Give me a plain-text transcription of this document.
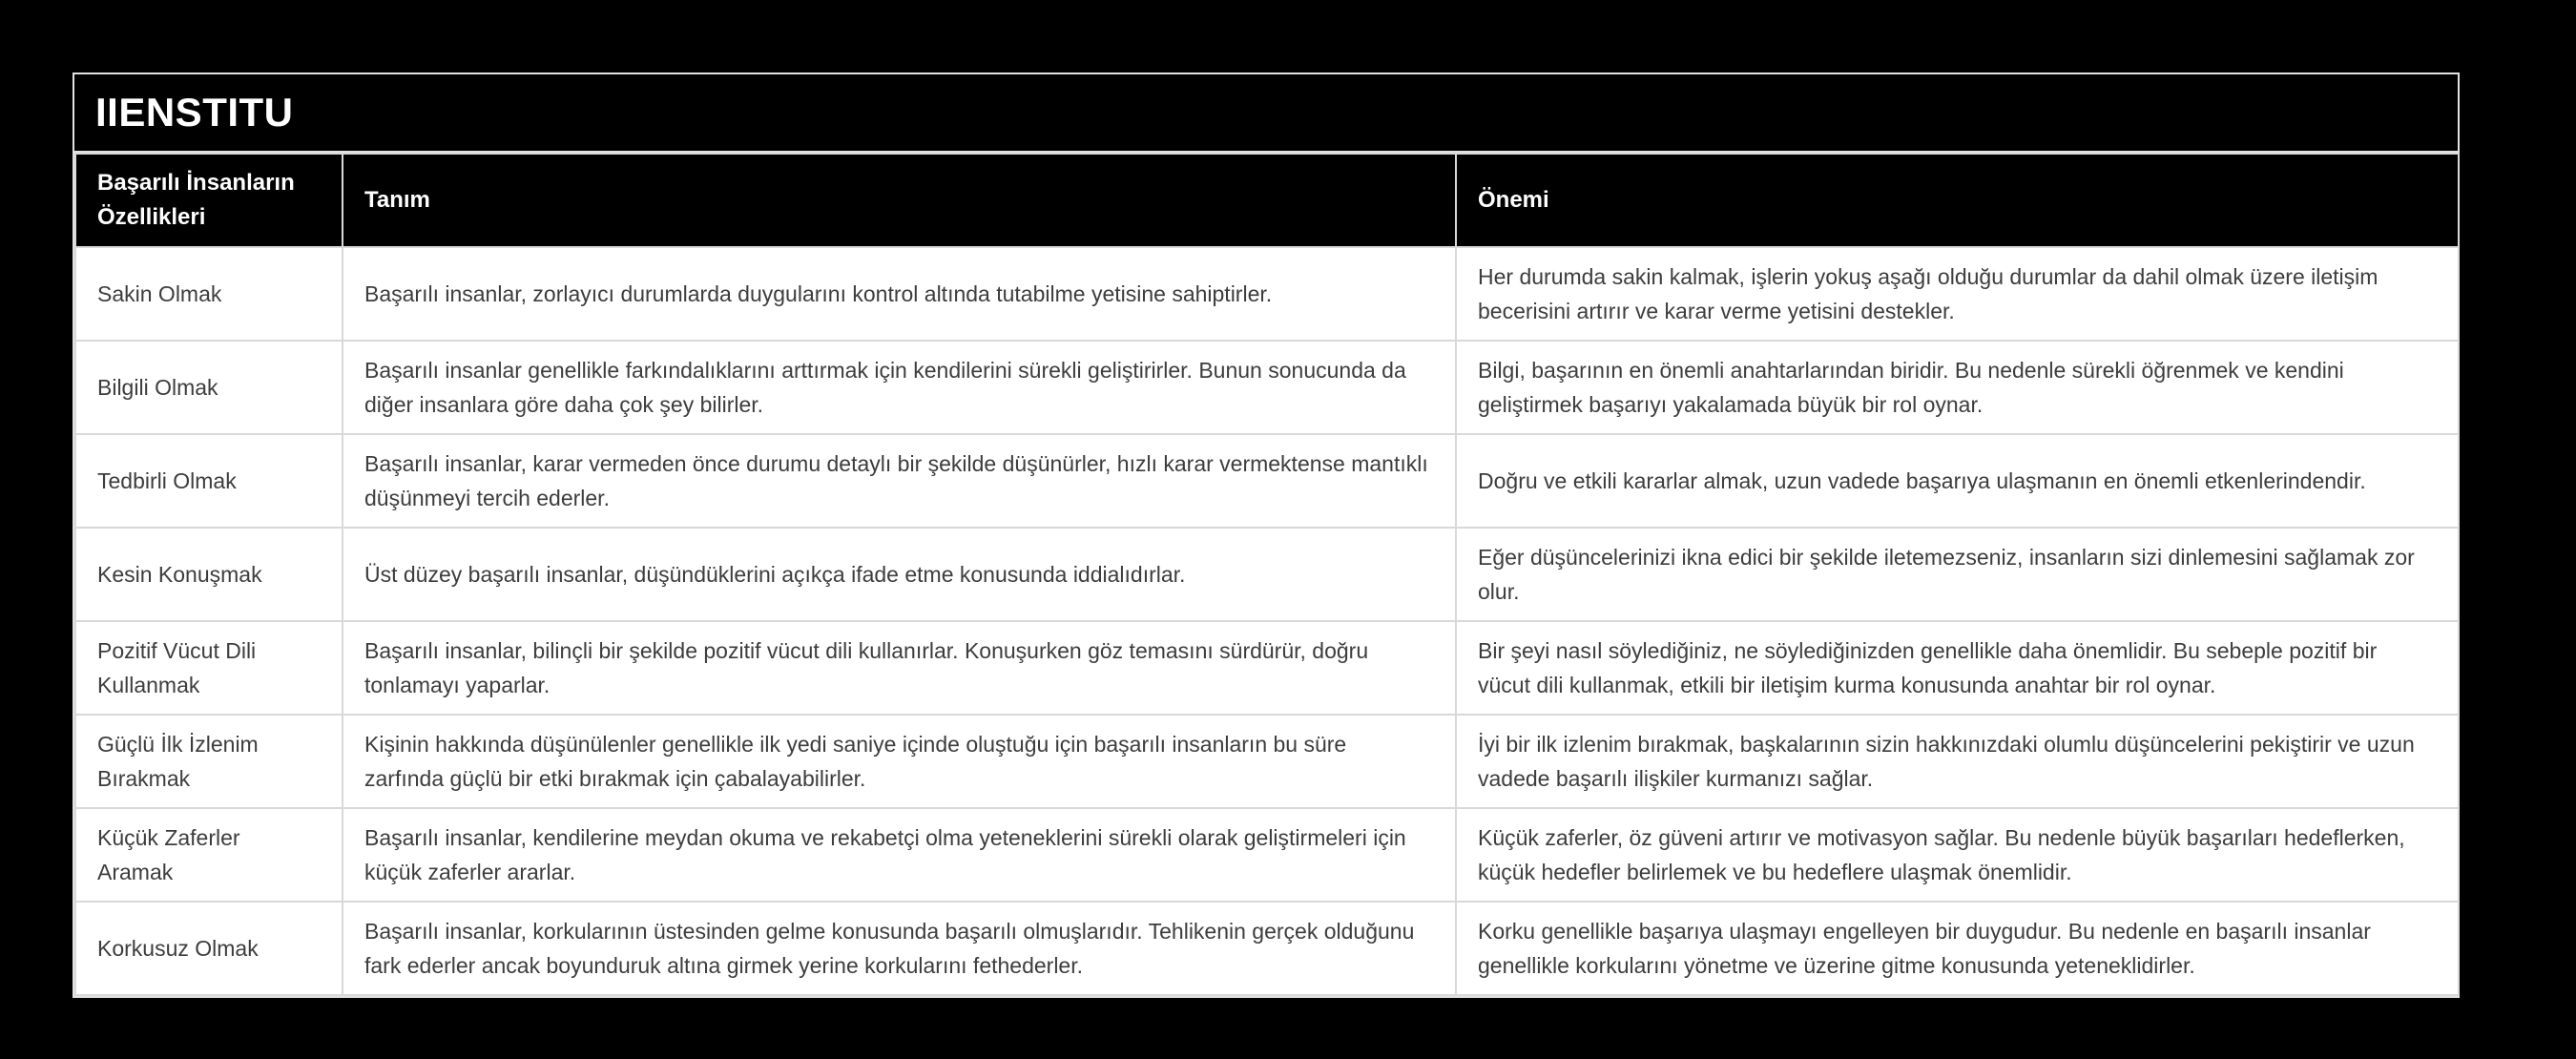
IIENSTITU
Başarılı İnsanların Özellikleri	Tanım	Önemi
Sakin Olmak	Başarılı insanlar, zorlayıcı durumlarda duygularını kontrol altında tutabilme yetisine sahiptirler.	Her durumda sakin kalmak, işlerin yokuş aşağı olduğu durumlar da dahil olmak üzere iletişim becerisini artırır ve karar verme yetisini destekler.
Bilgili Olmak	Başarılı insanlar genellikle farkındalıklarını arttırmak için kendilerini sürekli geliştirirler. Bunun sonucunda da diğer insanlara göre daha çok şey bilirler.	Bilgi, başarının en önemli anahtarlarından biridir. Bu nedenle sürekli öğrenmek ve kendini geliştirmek başarıyı yakalamada büyük bir rol oynar.
Tedbirli Olmak	Başarılı insanlar, karar vermeden önce durumu detaylı bir şekilde düşünürler, hızlı karar vermektense mantıklı düşünmeyi tercih ederler.	Doğru ve etkili kararlar almak, uzun vadede başarıya ulaşmanın en önemli etkenlerindendir.
Kesin Konuşmak	Üst düzey başarılı insanlar, düşündüklerini açıkça ifade etme konusunda iddialıdırlar.	Eğer düşüncelerinizi ikna edici bir şekilde iletemezseniz, insanların sizi dinlemesini sağlamak zor olur.
Pozitif Vücut Dili Kullanmak	Başarılı insanlar, bilinçli bir şekilde pozitif vücut dili kullanırlar. Konuşurken göz temasını sürdürür, doğru tonlamayı yaparlar.	Bir şeyi nasıl söylediğiniz, ne söylediğinizden genellikle daha önemlidir. Bu sebeple pozitif bir vücut dili kullanmak, etkili bir iletişim kurma konusunda anahtar bir rol oynar.
Güçlü İlk İzlenim Bırakmak	Kişinin hakkında düşünülenler genellikle ilk yedi saniye içinde oluştuğu için başarılı insanların bu süre zarfında güçlü bir etki bırakmak için çabalayabilirler.	İyi bir ilk izlenim bırakmak, başkalarının sizin hakkınızdaki olumlu düşüncelerini pekiştirir ve uzun vadede başarılı ilişkiler kurmanızı sağlar.
Küçük Zaferler Aramak	Başarılı insanlar, kendilerine meydan okuma ve rekabetçi olma yeteneklerini sürekli olarak geliştirmeleri için küçük zaferler ararlar.	Küçük zaferler, öz güveni artırır ve motivasyon sağlar. Bu nedenle büyük başarıları hedeflerken, küçük hedefler belirlemek ve bu hedeflere ulaşmak önemlidir.
Korkusuz Olmak	Başarılı insanlar, korkularının üstesinden gelme konusunda başarılı olmuşlarıdır. Tehlikenin gerçek olduğunu fark ederler ancak boyunduruk altına girmek yerine korkularını fethederler.	Korku genellikle başarıya ulaşmayı engelleyen bir duygudur. Bu nedenle en başarılı insanlar genellikle korkularını yönetme ve üzerine gitme konusunda yeteneklidirler.
